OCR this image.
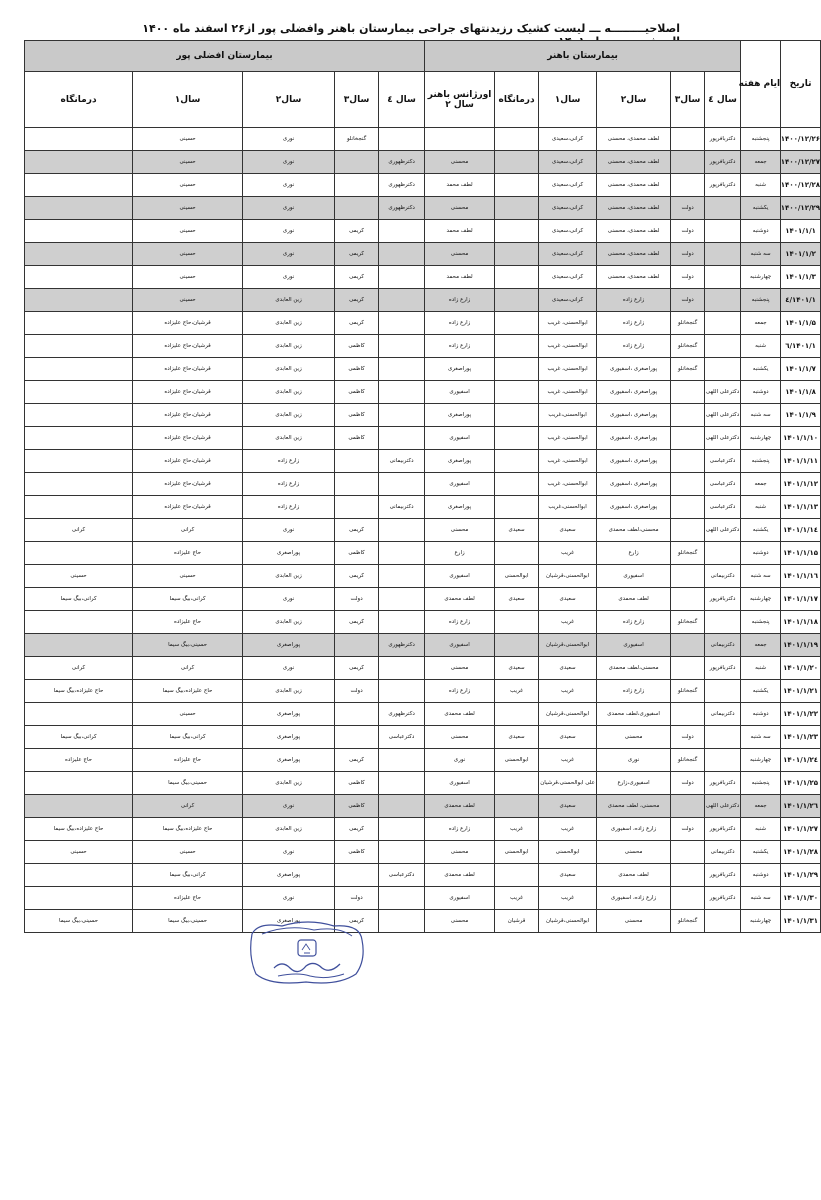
اصلاحیـــــــــه ـــ لیست کشیک رزیدنتهای جراحی بیمارستان باهنر وافضلی پور از۲۶ اسفند ماه ۱۴۰۰
تاریخ	ایام هفته	بیمارستان باهنر						بیمارستان افضلی پور				
		سال ٤	سال۳	سال۲	سال۱	درمانگاه	اورژانس باهنر سال ۲	سال ٤	سال۳	سال۲	سال۱	درمانگاه
۱۴۰۰/۱۲/۲۶	پنجشنبه	دکتربافرپور		لطف محمدی، محسنی	کرانی،سعیدی				گنجخانلو	نوری	حسینی	
۱۴۰۰/۱۲/۲۷	جمعه	دکتربافرپور		لطف محمدی، محسنی	کرانی،سعیدی		محسنی	دکترظهوری		نوری	حسینی	
۱۴۰۰/۱۲/۲۸	شنبه	دکتربافرپور		لطف محمدی، محسنی	کرانی،سعیدی		لطف محمد	دکترظهوری		نوری	حسینی	
۱۴۰۰/۱۲/۲۹	یکشنبه		دولت	لطف محمدی، محسنی	کرانی،سعیدی		محسنی	دکترظهوری		نوری	حسینی	
۱۴۰۱/۱/۱	دوشنبه		دولت	لطف محمدی، محسنی	کرانی،سعیدی		لطف محمد		کریمی	نوری	حسینی	
۱۴۰۱/۱/۲	سه شنبه		دولت	لطف محمدی، محسنی	کرانی،سعیدی		محسنی		کریمی	نوری	حسینی	
۱۴۰۱/۱/۳	چهارشنبه		دولت	لطف محمدی، محسنی	کرانی،سعیدی		لطف محمد		کریمی	نوری	حسینی	
۱۴۰۱/۱/٤	پنجشنبه		دولت	زارع زاده	کرانی،سعیدی		زارع زاده		کریمی	زین العابدی	حسینی	
۱۴۰۱/۱/۵	جمعه		گنجخانلو	زارع زاده	ابوالحسنی، غریب		زارع زاده		کریمی	زین العابدی	قرشیان،حاج علیزاده	
۱۴۰۱/۱/٦	شنبه		گنجخانلو	زارع زاده	ابوالحسنی، غریب		زارع زاده		کاظمی	زین العابدی	قرشیان،حاج علیزاده	
۱۴۰۱/۱/۷	یکشنبه		گنجخانلو	پوراصغری ،اسفیوری	ابوالحسنی، غریب		پوراصغری		کاظمی	زین العابدی	قرشیان،حاج علیزاده	
۱۴۰۱/۱/۸	دوشنبه	دکترعلی اللهی		پوراصغری ،اسفیوری	ابوالحسنی، غریب		اسفیوری		کاظمی	زین العابدی	قرشیان،حاج علیزاده	
۱۴۰۱/۱/۹	سه شنبه	دکترعلی اللهی		پوراصغری ،اسفیوری	ابوالحسنی،غریب		پوراصغری		کاظمی	زین العابدی	قرشیان،حاج علیزاده	
۱۴۰۱/۱/۱۰	چهارشنبه	دکترعلی اللهی		پوراصغری ،اسفیوری	ابوالحسنی، غریب		اسفیوری		کاظمی	زین العابدی	قرشیان،حاج علیزاده	
۱۴۰۱/۱/۱۱	پنجشنبه	دکترعباسی		پوراصغری ،اسفیوری	ابوالحسنی، غریب		پوراصغری	دکتربیمانی		زارع زاده	قرشیان،حاج علیزاده	
۱۴۰۱/۱/۱۲	جمعه	دکترعباسی		پوراصغری ،اسفیوری	ابوالحسنی، غریب		اسفیوری			زارع زاده	قرشیان،حاج علیزاده	
۱۴۰۱/۱/۱۳	شنبه	دکترعباسی		پوراصغری ،اسفیوری	ابوالحسنی،غریب		پوراصغری	دکتربیمانی		زارع زاده	قرشیان،حاج علیزاده	
۱۴۰۱/۱/۱٤	یکشنبه	دکترعلی اللهی		محسنی،لطف محمدی	سعیدی	سعیدی	محسنی		کریمی	نوری	کرانی	کرانی
۱۴۰۱/۱/۱۵	دوشنبه		گنجخانلو	زارع	غریب		زارع		کاظمی	پوراصغری	حاج علیزاده	
۱۴۰۱/۱/۱٦	سه شنبه	دکتربیمانی		اسفیوری	ابوالحسنی،قرشیان	ابوالحسنی	اسفیوری		کریمی	زین العابدی	حسینی	حسینی
۱۴۰۱/۱/۱۷	چهارشنبه	دکتربافرپور		لطف محمدی	سعیدی	سعیدی	لطف محمدی		دولت	نوری	کرانی،بیگ سیما	کرانی،بیگ سیما
۱۴۰۱/۱/۱۸	پنجشنبه		گنجخانلو	زارع زاده	غریب		زارع زاده		کریمی	زین العابدی	حاج علیزاده	
۱۴۰۱/۱/۱۹	جمعه	دکتربیمانی		اسفیوری	ابوالحسنی،قرشیان		اسفیوری	دکترظهوری		پوراصغری	حسینی،بیگ سیما	
۱۴۰۱/۱/۲۰	شنبه	دکتربافرپور		محسنی،لطف محمدی	سعیدی	سعیدی	محسنی		کریمی	نوری	کرانی	کرانی
۱۴۰۱/۱/۲۱	یکشنبه		گنجخانلو	زارع زاده	غریب	غریب	زارع زاده		دولت	زین العابدی	حاج علیزاده،بیگ سیما	حاج علیزاده،بیگ سیما
۱۴۰۱/۱/۲۲	دوشنبه	دکتربیمانی		اسفیوری،لطف محمدی	ابوالحسنی،قرشیان		لطف محمدی	دکترظهوری		پوراصغری	حسینی	
۱۴۰۱/۱/۲۳	سه شنبه		دولت	محسنی	سعیدی	سعیدی	محسنی	دکترعباسی		پوراصغری	کرانی،بیگ سیما	کرانی،بیگ سیما
۱۴۰۱/۱/۲٤	چهارشنبه		گنجخانلو	نوری	غریب	ابوالحسنی	نوری		کریمی	پوراصغری	حاج علیزاده	حاج علیزاده
۱۴۰۱/۱/۲۵	پنجشنبه	دکتربافرپور	دولت	اسفیوری،زارع	علی ابوالحسنی،قرشیان		اسفیوری		کاظمی	زین العابدی	حسینی،بیگ سیما	
۱۴۰۱/۱/۲٦	جمعه	دکترعلی اللهی		محسنی، لطف محمدی	سعیدی		لطف محمدی		کاظمی	نوری	کرانی	
۱۴۰۱/۱/۲۷	شنبه	دکتربافرپور	دولت	زارع زاده، اسفیوری	غریب	غریب	زارع زاده		کریمی	زین العابدی	حاج علیزاده،بیگ سیما	حاج علیزاده،بیگ سیما
۱۴۰۱/۱/۲۸	یکشنبه	دکتربیمانی		محسنی	ابوالحسنی	ابوالحسنی	محسنی		کاظمی	نوری	حسینی	حسینی
۱۴۰۱/۱/۲۹	دوشنبه	دکتربافرپور		لطف محمدی	سعیدی		لطف محمدی	دکترعباسی		پوراصغری	کرانی،بیگ سیما	
۱۴۰۱/۱/۳۰	سه شنبه	دکتربافرپور		زارع زاده، اسفیوری	غریب	غریب	اسفیوری		دولت	نوری	حاج علیزاده	
۱۴۰۱/۱/۳۱	چهارشنبه		گنجخانلو	محسنی	ابوالحسنی،قرشیان	قرشیان	محسنی		کریمی	پوراصغری	حسینی،بیگ سیما	حسینی،بیگ سیما
